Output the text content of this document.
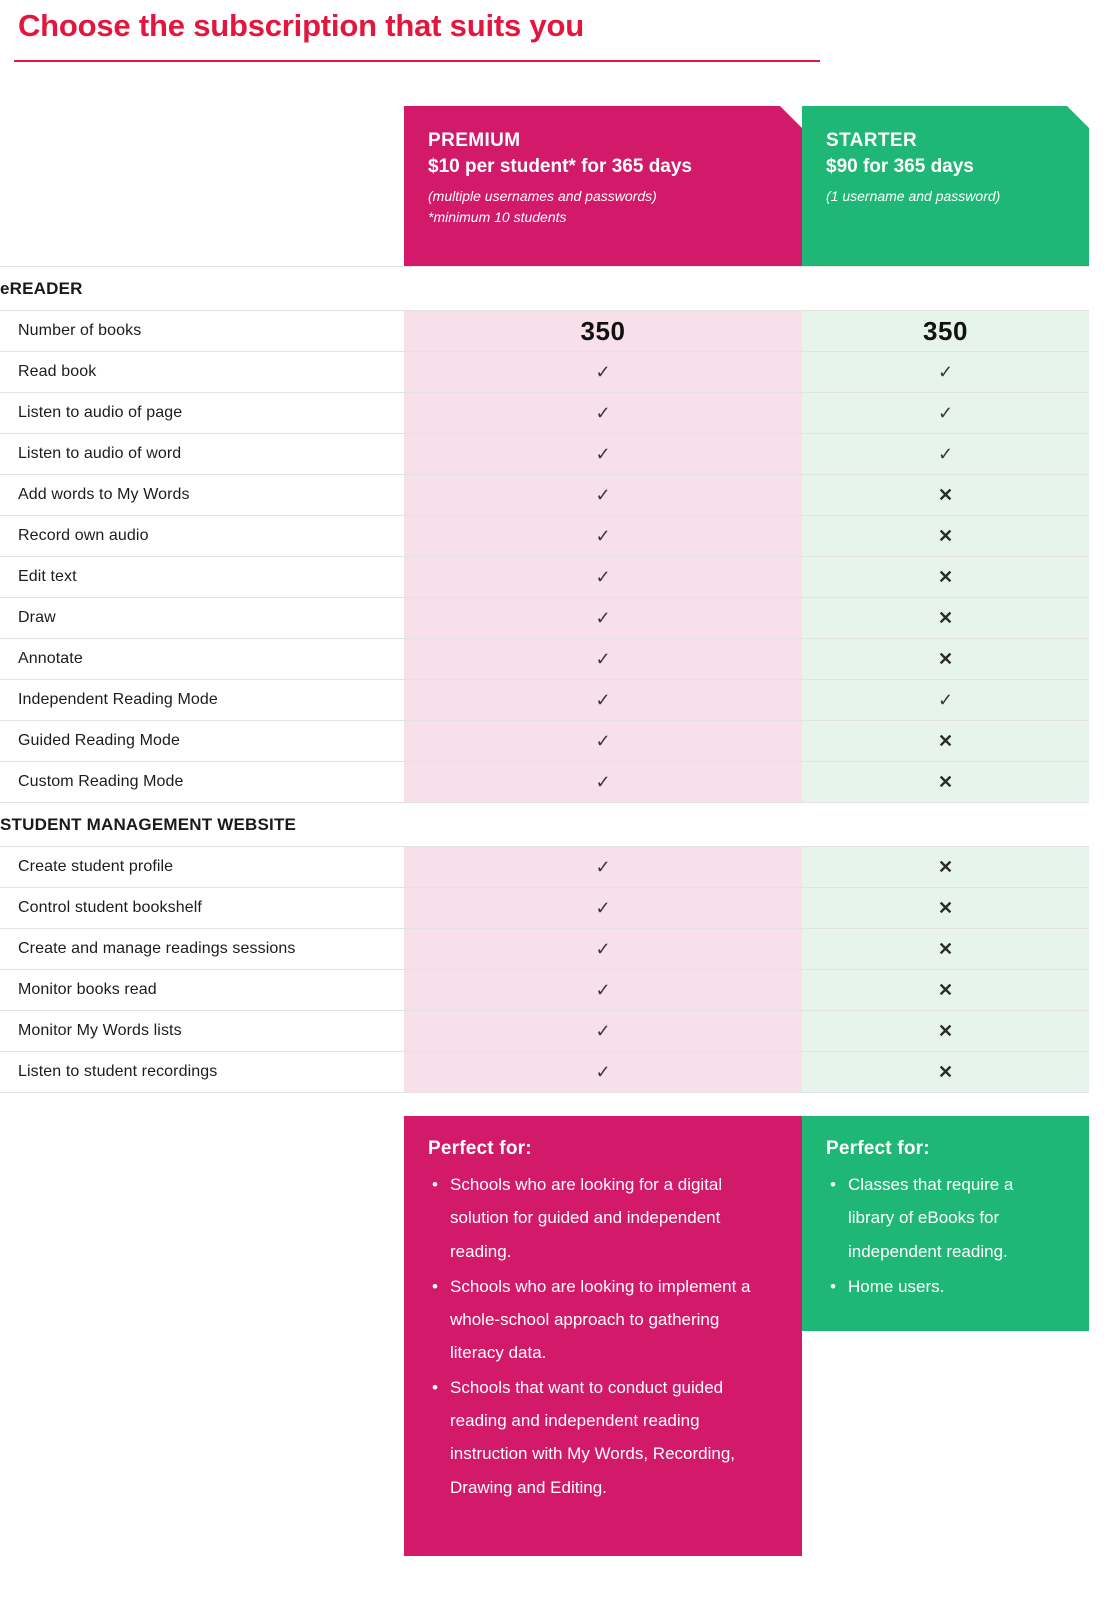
Choose the subscription that suits you
PREMIUM
$10 per student* for 365 days
(multiple usernames and passwords)
*minimum 10 students
STARTER
$90 for 365 days
(1 username and password)
eREADER		
Number of books	350	350
Read book	✓	✓
Listen to audio of page	✓	✓
Listen to audio of word	✓	✓
Add words to My Words	✓	✕
Record own audio	✓	✕
Edit text	✓	✕
Draw	✓	✕
Annotate	✓	✕
Independent Reading Mode	✓	✓
Guided Reading Mode	✓	✕
Custom Reading Mode	✓	✕
STUDENT MANAGEMENT WEBSITE		
Create student profile	✓	✕
Control student bookshelf	✓	✕
Create and manage readings sessions	✓	✕
Monitor books read	✓	✕
Monitor My Words lists	✓	✕
Listen to student recordings	✓	✕
Perfect for:
• Schools who are looking for a digital solution for guided and independent reading.
• Schools who are looking to implement a whole-school approach to gathering literacy data.
• Schools that want to conduct guided reading and independent reading instruction with My Words, Recording, Drawing and Editing.
Perfect for:
• Classes that require a library of eBooks for independent reading.
• Home users.
